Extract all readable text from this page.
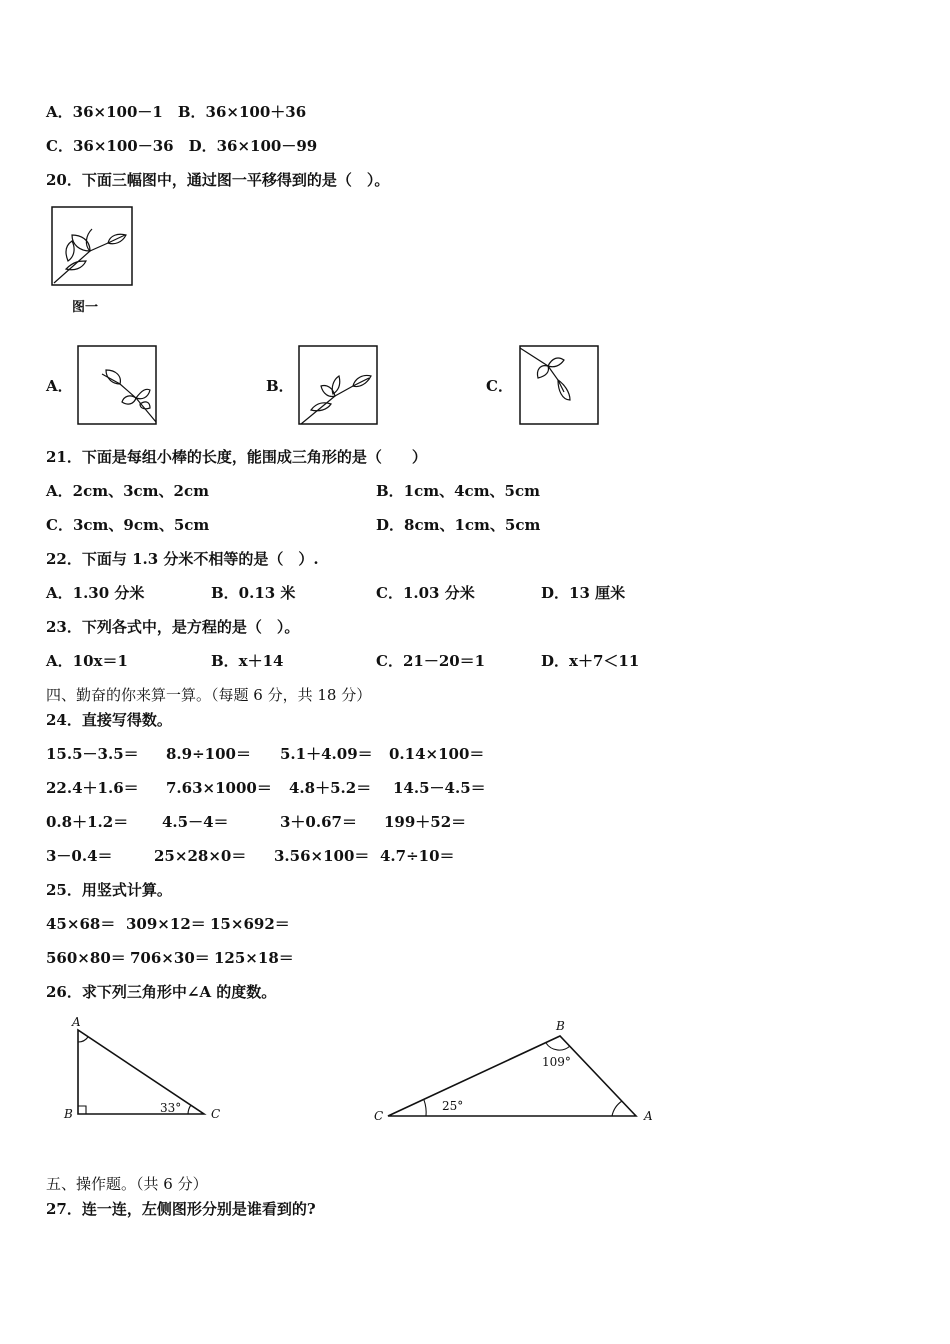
A．36×100－1　B．36×100＋36
C．36×100－36　D．36×100－99
20．下面三幅图中，通过图一平移得到的是（　）。
图一
A．	B．	C．
21．下面是每组小棒的长度，能围成三角形的是（　　）
A．2cm、3cm、2cm	B．1cm、4cm、5cm
C．3cm、9cm、5cm	D．8cm、1cm、5cm
22．下面与 1.3 分米不相等的是（　）.
A．1.30 分米	B．0.13 米	C．1.03 分米	D．13 厘米
23．下列各式中，是方程的是（　）。
A．10x＝1	B．x＋14	C．21－20＝1	D．x＋7＜11
四、勤奋的你来算一算。（每题 6 分，共 18 分）
24．直接写得数。
15.5－3.5＝ 8.9÷100＝ 5.1＋4.09＝ 0.14×100＝
22.4＋1.6＝ 7.63×1000＝ 4.8＋5.2＝ 14.5－4.5＝
0.8＋1.2＝ 4.5－4＝	3＋0.67＝ 199＋52＝
3－0.4＝	25×28×0＝ 3.56×100＝ 4.7÷10＝
25．用竖式计算。
45×68＝ 309×12＝ 15×692＝
560×80＝ 706×30＝ 125×18＝
26．求下列三角形中∠A 的度数。
A
B	C
33°
B
C	A
109°
25°
五、操作题。（共 6 分）
27．连一连，左侧图形分别是谁看到的?
